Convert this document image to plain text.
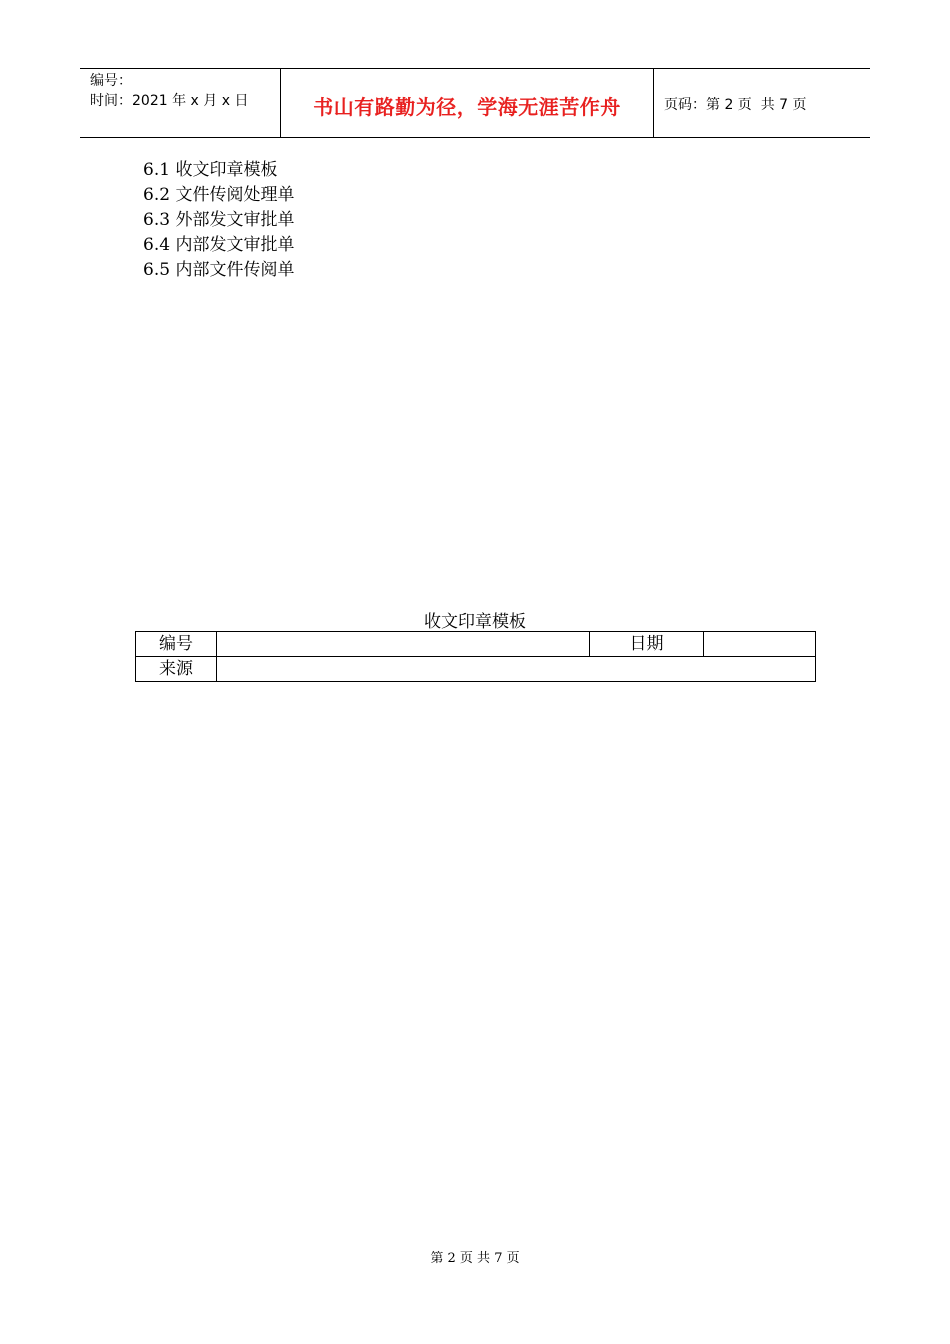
编号：
时间：2021 年 x 月 x 日	书山有路勤为径，学海无涯苦作舟	页码：第 2 页  共 7 页
6.1 收文印章模板
6.2 文件传阅处理单
6.3 外部发文审批单
6.4 内部发文审批单
6.5 内部文件传阅单
收文印章模板
编号		日期	
来源			
第 2 页 共 7 页
